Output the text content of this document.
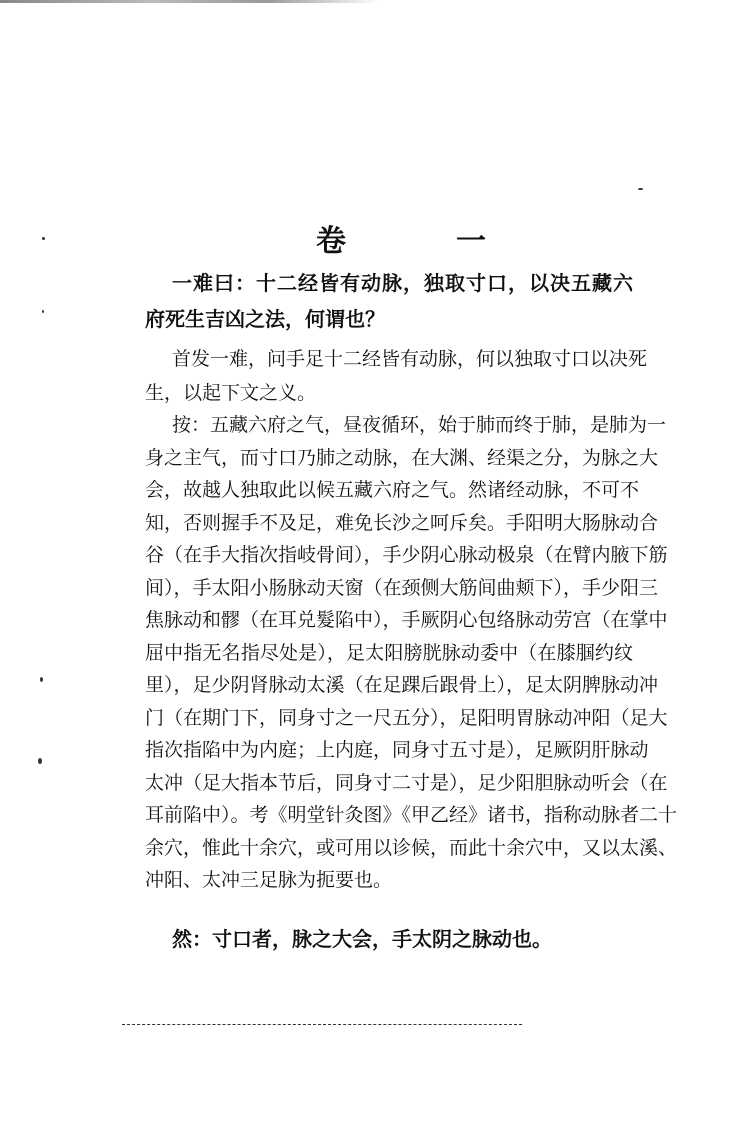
卷　一
一难曰：十二经皆有动脉，独取寸口，以决五藏六
府死生吉凶之法，何谓也？
首发一难，问手足十二经皆有动脉，何以独取寸口以决死
生，以起下文之义。
按：五藏六府之气，昼夜循环，始于肺而终于肺，是肺为一
身之主气，而寸口乃肺之动脉，在大渊、经渠之分，为脉之大
会，故越人独取此以候五藏六府之气。然诸经动脉，不可不
知，否则握手不及足，难免长沙之呵斥矣。手阳明大肠脉动合
谷（在手大指次指岐骨间），手少阴心脉动极泉（在臂内腋下筋
间），手太阳小肠脉动天窗（在颈侧大筋间曲颊下），手少阳三
焦脉动和髎（在耳兑髮陷中），手厥阴心包络脉动劳宫（在掌中
屈中指无名指尽处是），足太阳膀胱脉动委中（在膝腘约纹
里），足少阴肾脉动太溪（在足踝后跟骨上），足太阴脾脉动冲
门（在期门下，同身寸之一尺五分），足阳明胃脉动冲阳（足大
指次指陷中为内庭；上内庭，同身寸五寸是），足厥阴肝脉动
太冲（足大指本节后，同身寸二寸是），足少阳胆脉动听会（在
耳前陷中）。考《明堂针灸图》《甲乙经》诸书，指称动脉者二十
余穴，惟此十余穴，或可用以诊候，而此十余穴中，又以太溪、
冲阳、太冲三足脉为扼要也。
然：寸口者，脉之大会，手太阴之脉动也。
